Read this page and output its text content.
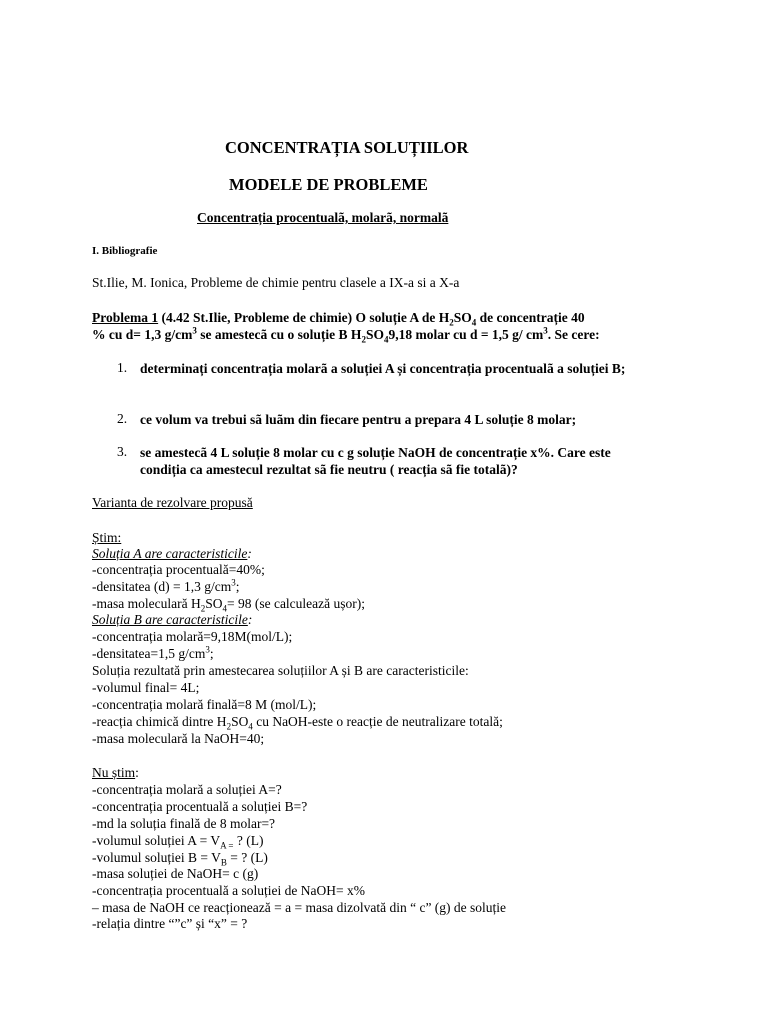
CONCENTRAȚIA SOLUȚIILOR
MODELE DE PROBLEME
Concentrația procentualã, molarã, normalã
I. Bibliografie
St.Ilie, M. Ionica, Probleme de chimie pentru clasele a IX-a si a X-a
Problema 1 (4.42 St.Ilie, Probleme de chimie) O soluție A de $H_2SO_4$ de concentrație 40
% cu d= 1,3 $g/cm^3$ se amestecã cu o soluție B $H_2SO_49,18$ molar cu d = 1,5 g/ $cm^3$. Se cere:
1. determinați concentrația molarã a soluției A și concentrația procentualã a soluției B;
2. ce volum va trebui sã luãm din fiecare pentru a prepara 4 L soluție 8 molar;
3. se amestecã 4 L soluție 8 molar cu c g soluție NaOH de concentrație x%. Care este condiția ca amestecul rezultat sã fie neutru ( reacția sã fie totalã)?
Varianta de rezolvare propusă
Știm:
Soluția A are caracteristicile:
-concentrația procentuală=40%;
-densitatea (d) = 1,3 $g/cm^3$;
-masa moleculară $H_2SO_4= 98$ (se calculează ușor);
Soluția B are caracteristicile:
-concentrația molară=9,18M(mol/L);
-densitatea=1,5 $g/cm^3$;
Soluția rezultată prin amestecarea soluțiilor A și B are caracteristicile:
-volumul final= 4L;
-concentrația molară finală=8 M (mol/L);
-reacția chimică dintre $H_2SO_4$ cu NaOH-este o reacție de neutralizare totală;
-masa moleculară la NaOH=40;
Nu știm:
-concentrația molară a soluției A=?
-concentrația procentuală a soluției B=?
-md la soluția finală de 8 molar=?
-volumul soluției $A = V_{A =}$ ? (L)
-volumul soluției $B = V_B$ = ? (L)
-masa soluției de NaOH= c (g)
-concentrația procentuală a soluției de NaOH= x%
– masa de NaOH ce reacționează = a = masa dizolvată din “ c” (g) de soluție
-relația dintre “”c” și “x” = ?
